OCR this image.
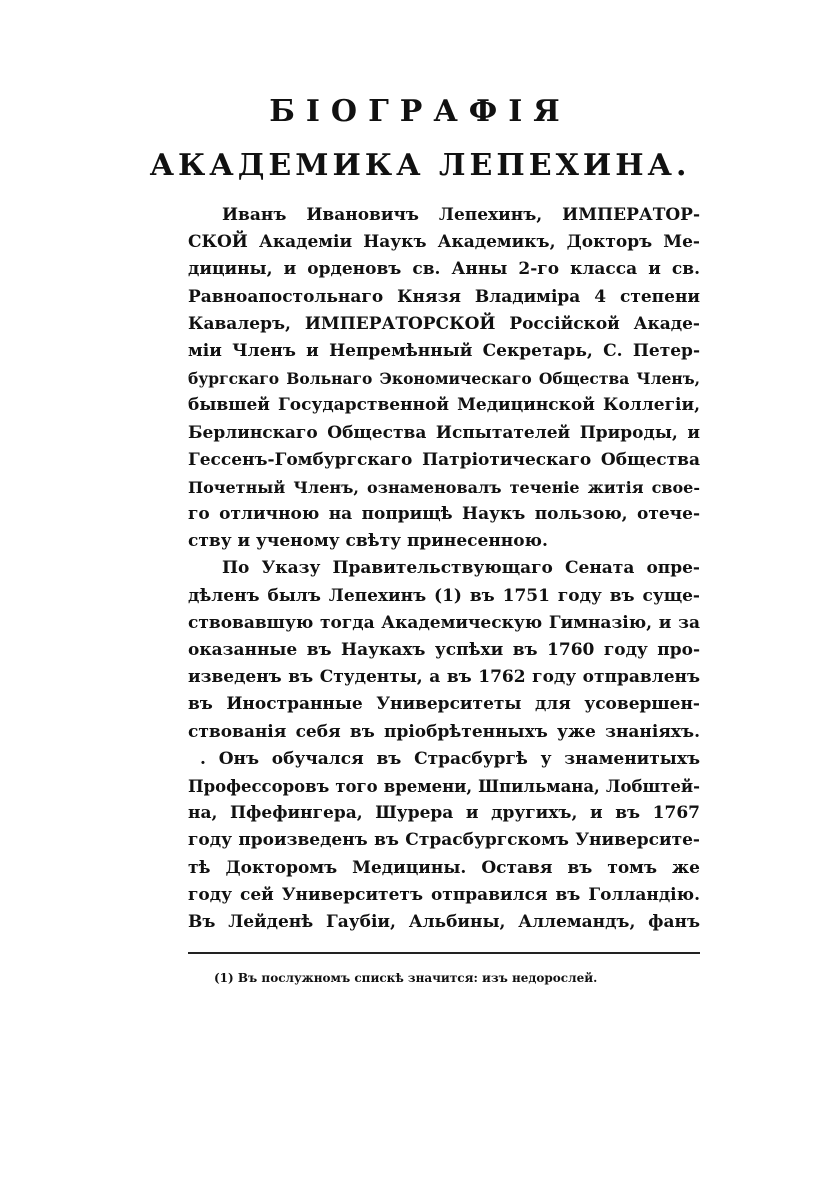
БІОГРАФІЯ
АКАДЕМИКА ЛЕПЕХИНА.
Иванъ Ивановичъ Лепехинъ, ИМПЕРАТОР-
СКОЙ Академіи Наукъ Академикъ, Докторъ Ме-
дицины, и орденовъ св. Анны 2-го класса и св.
Равноапостольнаго Князя Владиміра 4 степени
Кавалеръ, ИМПЕРАТОРСКОЙ Россійской Акаде-
міи Членъ и Непремѣнный Секретарь, С. Петер-
бургскаго Вольнаго Экономическаго Общества Членъ,
бывшей Государственной Медицинской Коллегіи,
Берлинскаго Общества Испытателей Природы, и
Гессенъ-Гомбургскаго Патріотическаго Общества
Почетный Членъ, ознаменовалъ теченіе житія свое-
го отличною на поприщѣ Наукъ пользою, отече-
ству и ученому свѣту принесенною.
По Указу Правительствующаго Сената опре-
дѣленъ былъ Лепехинъ (1) въ 1751 году въ суще-
ствовавшую тогда Академическую Гимназію, и за
оказанные въ Наукахъ успѣхи въ 1760 году про-
изведенъ въ Студенты, а въ 1762 году отправленъ
въ Иностранные Университеты для усовершен-
ствованія себя въ пріобрѣтенныхъ уже знаніяхъ.
. Онъ обучался въ Страсбургѣ у знаменитыхъ
Профессоровъ того времени, Шпильмана, Лобштей-
на, Пфефингера, Шурера и другихъ, и въ 1767
году произведенъ въ Страсбургскомъ Университе-
тѣ Докторомъ Медицины. Оставя въ томъ же
году сей Университетъ отправился въ Голландію.
Въ Лейденѣ Гаубіи, Альбины, Аллемандъ, фанъ
(1) Въ послужномъ спискѣ значится: изъ недорослей.
